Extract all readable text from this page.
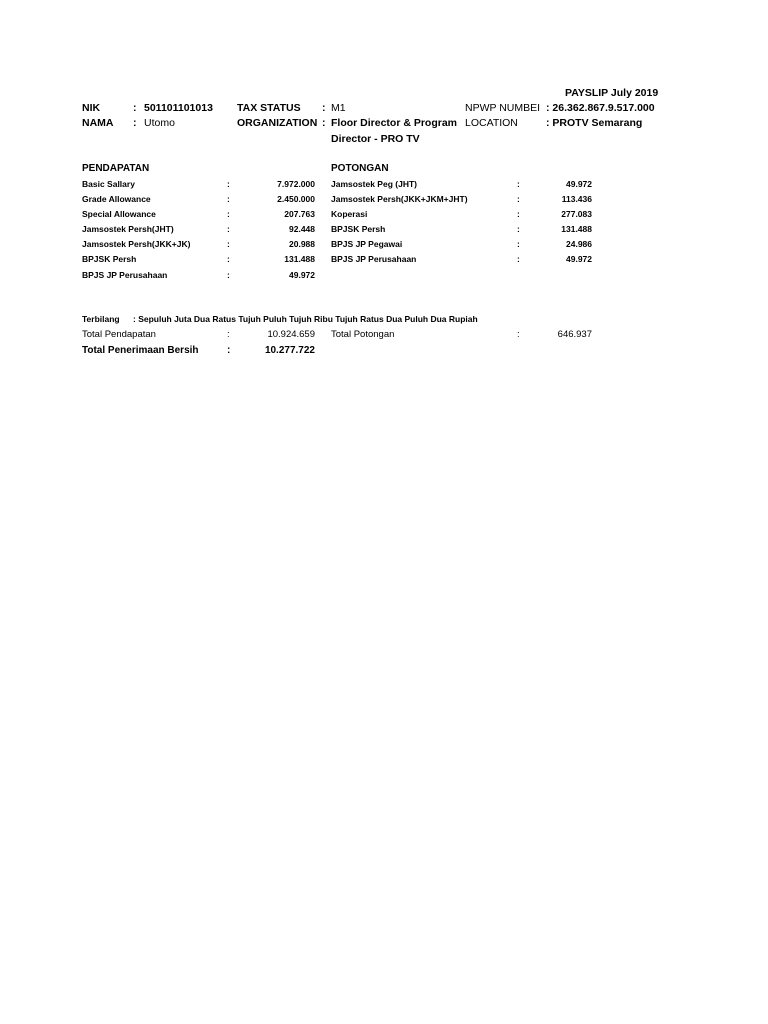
PAYSLIP July 2019
NIK	: 501101101013 TAX STATUS : M1	NPWP NUMBEI : 26.362.867.9.517.000
NAMA : Utomo	ORGANIZATION : Floor Director & Program
Director - PRO TV
LOCATION	: PROTV Semarang
PENDAPATAN	POTONGAN
Basic Sallary	:	7.972.000
Grade Allowance	:	2.450.000
Special Allowance	:	207.763
Jamsostek Persh(JHT)	:	92.448
Jamsostek Persh(JKK+JK)	:	20.988
BPJSK Persh	:	131.488
BPJS JP Perusahaan	:	49.972
Jamsostek Peg (JHT)	:	49.972
Jamsostek Persh(JKK+JKM+JHT)	:	113.436
Koperasi	:	277.083
BPJSK Persh	:	131.488
BPJS JP Pegawai	:	24.986
BPJS JP Perusahaan	:	49.972
Terbilang : Sepuluh Juta Dua Ratus Tujuh Puluh Tujuh Ribu Tujuh Ratus Dua Puluh Dua Rupiah
Total Pendapatan	:	10.924.659 Total Potongan	:	646.937
Total Penerimaan Bersih	:	10.277.722
